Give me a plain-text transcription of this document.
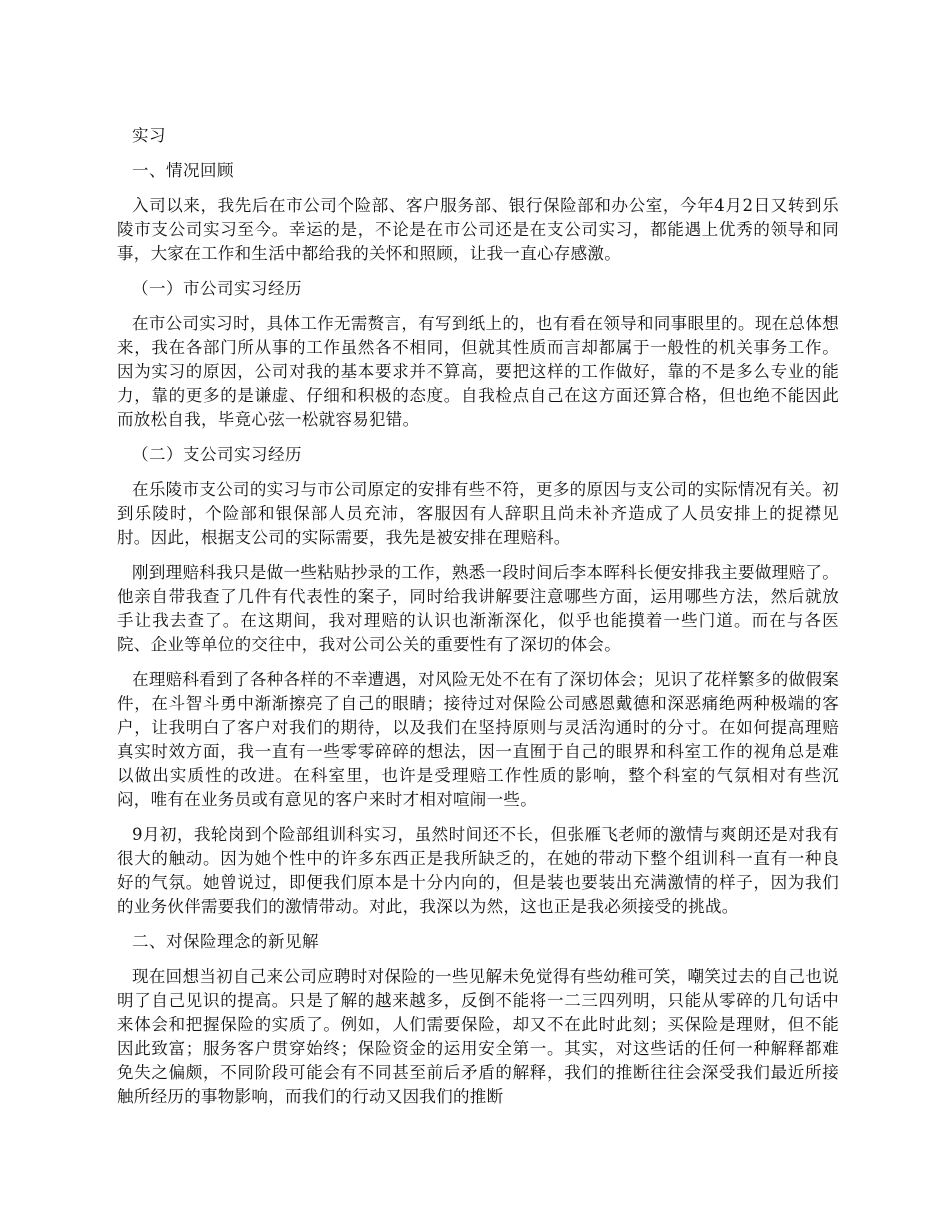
实习

一、情况回顾

入司以来，我先后在市公司个险部、客户服务部、银行保险部和办公室，今年4月2日又转到乐陵市支公司实习至今。幸运的是，不论是在市公司还是在支公司实习，都能遇上优秀的领导和同事，大家在工作和生活中都给我的关怀和照顾，让我一直心存感激。

（一）市公司实习经历

在市公司实习时，具体工作无需赘言，有写到纸上的，也有看在领导和同事眼里的。现在总体想来，我在各部门所从事的工作虽然各不相同，但就其性质而言却都属于一般性的机关事务工作。因为实习的原因，公司对我的基本要求并不算高，要把这样的工作做好，靠的不是多么专业的能力，靠的更多的是谦虚、仔细和积极的态度。自我检点自己在这方面还算合格，但也绝不能因此而放松自我，毕竟心弦一松就容易犯错。

（二）支公司实习经历

在乐陵市支公司的实习与市公司原定的安排有些不符，更多的原因与支公司的实际情况有关。初到乐陵时，个险部和银保部人员充沛，客服因有人辞职且尚未补齐造成了人员安排上的捉襟见肘。因此，根据支公司的实际需要，我先是被安排在理赔科。

刚到理赔科我只是做一些粘贴抄录的工作，熟悉一段时间后李本晖科长便安排我主要做理赔了。他亲自带我查了几件有代表性的案子，同时给我讲解要注意哪些方面，运用哪些方法，然后就放手让我去查了。在这期间，我对理赔的认识也渐渐深化，似乎也能摸着一些门道。而在与各医院、企业等单位的交往中，我对公司公关的重要性有了深切的体会。

在理赔科看到了各种各样的不幸遭遇，对风险无处不在有了深切体会；见识了花样繁多的做假案件，在斗智斗勇中渐渐擦亮了自己的眼睛；接待过对保险公司感恩戴德和深恶痛绝两种极端的客户，让我明白了客户对我们的期待，以及我们在坚持原则与灵活沟通时的分寸。在如何提高理赔真实时效方面，我一直有一些零零碎碎的想法，因一直囿于自己的眼界和科室工作的视角总是难以做出实质性的改进。在科室里，也许是受理赔工作性质的影响，整个科室的气氛相对有些沉闷，唯有在业务员或有意见的客户来时才相对喧闹一些。

9月初，我轮岗到个险部组训科实习，虽然时间还不长，但张雁飞老师的激情与爽朗还是对我有很大的触动。因为她个性中的许多东西正是我所缺乏的，在她的带动下整个组训科一直有一种良好的气氛。她曾说过，即便我们原本是十分内向的，但是装也要装出充满激情的样子，因为我们的业务伙伴需要我们的激情带动。对此，我深以为然，这也正是我必须接受的挑战。

二、对保险理念的新见解

现在回想当初自己来公司应聘时对保险的一些见解未免觉得有些幼稚可笑，嘲笑过去的自己也说明了自己见识的提高。只是了解的越来越多，反倒不能将一二三四列明，只能从零碎的几句话中来体会和把握保险的实质了。例如，人们需要保险，却又不在此时此刻；买保险是理财，但不能因此致富；服务客户贯穿始终；保险资金的运用安全第一。其实，对这些话的任何一种解释都难免失之偏颇，不同阶段可能会有不同甚至前后矛盾的解释，我们的推断往往会深受我们最近所接触所经历的事物影响，而我们的行动又因我们的推断
